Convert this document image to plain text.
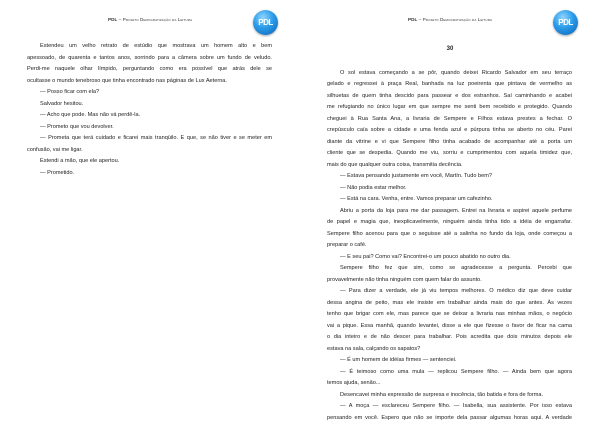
PDL – Projeto Democratização da Leitura	PDL
Estendeu um velho retrato de estúdio que mostrava um homem alto e bem
apessoado, de quarenta e tantos anos, sorrindo para a câmera sobre um fundo de veludo.
Perdi-me naquele olhar límpido, perguntando como era possível que atrás dele se
ocultasse o mundo tenebroso que tinha encontrado nas páginas de Lux Aeterna.
— Posso ficar com ela?
Salvador hesitou.
— Acho que pode. Mas não vá perdê-la.
— Prometo que vou devolver.
— Prometa que terá cuidado e ficarei mais tranqüilo. E que, se não tiver e se meter em
confusão, vai me ligar.
Estendi a mão, que ele apertou.
— Prometido.
PDL – Projeto Democratização da Leitura	PDL
30
O sol estava começando a se pôr, quando deixei Ricardo Salvador em seu terraço
gelado e regressei à praça Real, banhada na luz poeirenta que pintava de vermelho as
silhuetas de quem tinha descido para passear e dos estranhos. Saí caminhando e acabei
me refugiando no único lugar em que sempre me senti bem recebido e protegido. Quando
cheguei à Rua Santa Ana, a livraria de Sempere e Filhos estava prestes a fechar. O
crepúsculo caía sobre a cidade e uma fenda azul e púrpura tinha se aberto no céu. Parei
diante da vitrine e vi que Sempere filho tinha acabado de acompanhar até a porta um
cliente que se despedia. Quando me viu, sorriu e cumprimentou com aquela timidez que,
mais do que qualquer outra coisa, transmitia decência.
— Estava pensando justamente em você, Martín. Tudo bem?
— Não podia estar melhor.
— Está na cara. Venha, entre. Vamos preparar um cafezinho.
Abriu a porta da loja para me dar passagem. Entrei na livraria e aspirei aquele perfume
de papel e magia que, inexplicavelmente, ninguém ainda tinha tido a idéia de engarrafar.
Sempere filho acenou para que o seguisse até a salinha no fundo da loja, onde começou a
preparar o café.
— E seu pai? Como vai? Encontrei-o um pouco abatido no outro dia.
Sempere filho fez que sim, como se agradecesse a pergunta. Percebi que
provavelmente não tinha ninguém com quem falar do assunto.
— Para dizer a verdade, ele já viu tempos melhores. O médico diz que deve cuidar
dessa angina de peito, mas ele insiste em trabalhar ainda mais do que antes. Às vezes
tenho que brigar com ele, mas parece que se deixar a livraria nas minhas mãos, o negócio
vai a pique. Essa manhã, quando levantei, disse a ele que fizesse o favor de ficar na cama
o dia inteiro e de não descer para trabalhar. Pois acredita que dois minutos depois ele
estava na sala, calçando os sapatos?
— É um homem de idéias firmes — sentenciei.
— É teimoso como uma mula — replicou Sempere filho. — Ainda bem que agora
temos ajuda, senão...
Desencavei minha expressão de surpresa e inocência, tão batida e fora de forma.
— A moça — esclareceu Sempere filho. — Isabella, sua assistente. Por isso estava
pensando em você. Espero que não se importe dela passar algumas horas aqui. A verdade
